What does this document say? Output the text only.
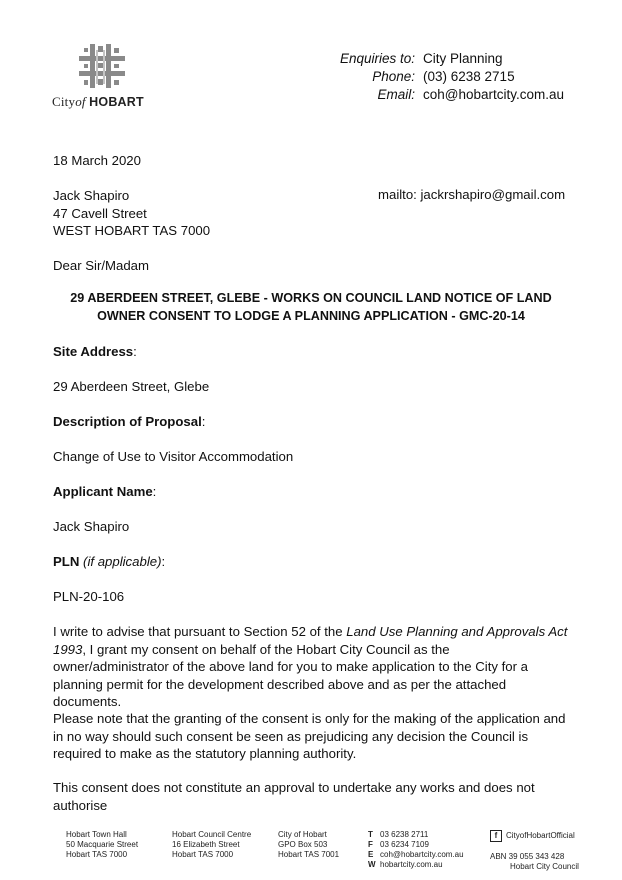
Cityof HOBART
Enquiries to: City Planning
Phone: (03) 6238 2715
Email: coh@hobartcity.com.au
18 March 2020
Jack Shapiro
47 Cavell Street
WEST HOBART TAS 7000
mailto: jackrshapiro@gmail.com
Dear Sir/Madam
29 ABERDEEN STREET, GLEBE - WORKS ON COUNCIL LAND NOTICE OF LAND
OWNER CONSENT TO LODGE A PLANNING APPLICATION - GMC-20-14
Site Address:
29 Aberdeen Street, Glebe
Description of Proposal:
Change of Use to Visitor Accommodation
Applicant Name:
Jack Shapiro
PLN (if applicable):
PLN-20-106
I write to advise that pursuant to Section 52 of the Land Use Planning and Approvals Act 1993, I grant my consent on behalf of the Hobart City Council as the owner/administrator of the above land for you to make application to the City for a planning permit for the development described above and as per the attached documents.
Please note that the granting of the consent is only for the making of the application and in no way should such consent be seen as prejudicing any decision the Council is required to make as the statutory planning authority.
This consent does not constitute an approval to undertake any works and does not authorise
Hobart Town Hall
50 Macquarie Street
Hobart TAS 7000
Hobart Council Centre
16 Elizabeth Street
Hobart TAS 7000
City of Hobart
GPO Box 503
Hobart TAS 7001
T 03 6238 2711
F 03 6234 7109
E coh@hobartcity.com.au
W hobartcity.com.au
f CityofHobartOfficial
ABN 39 055 343 428
Hobart City Council
